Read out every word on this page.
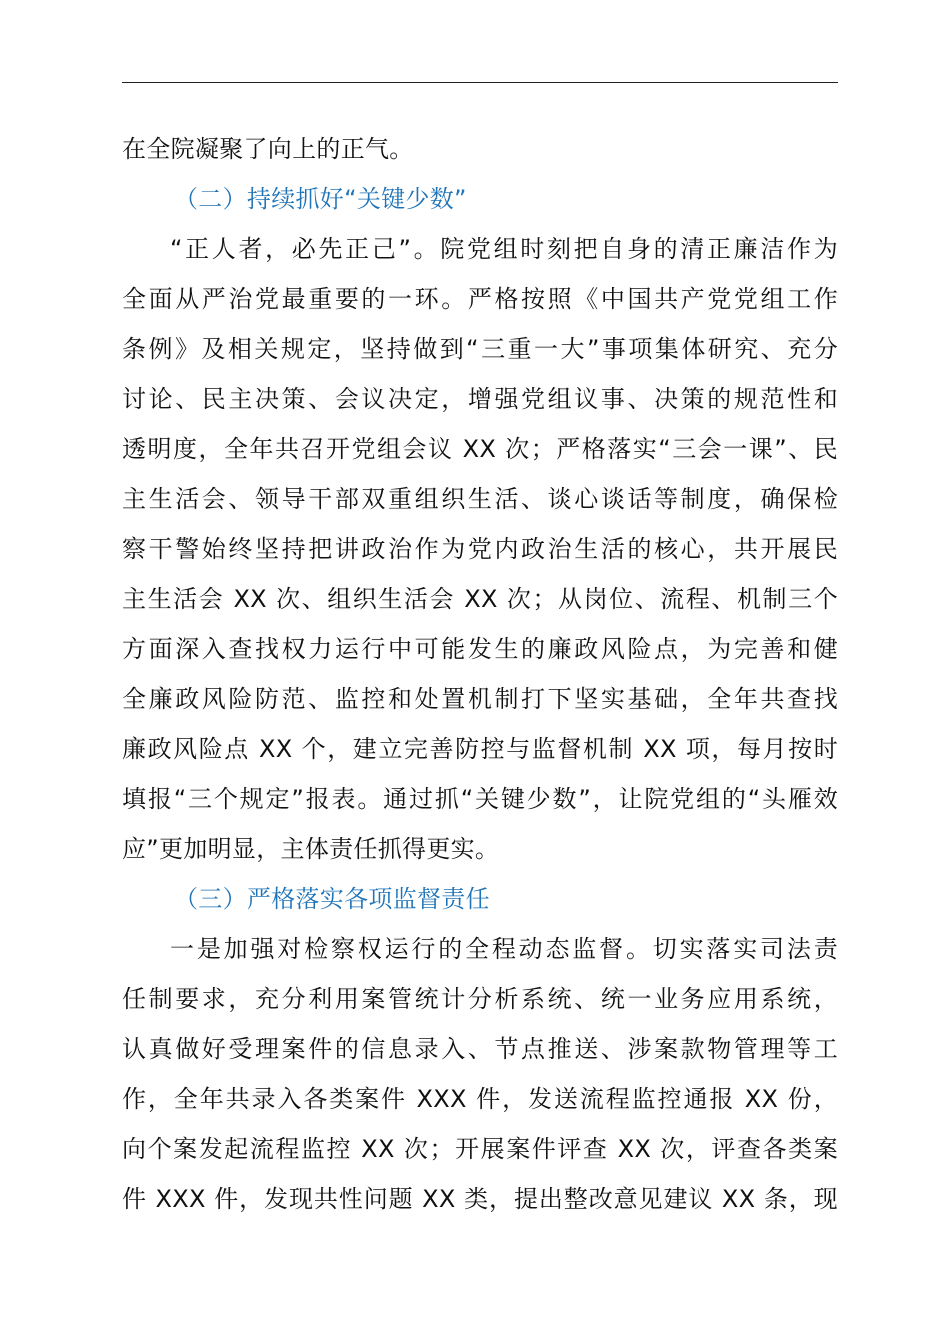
在全院凝聚了向上的正气。
（二）持续抓好“关键少数”
“正人者，必先正己”。院党组时刻把自身的清正廉洁作为
全面从严治党最重要的一环。严格按照《中国共产党党组工作
条例》及相关规定，坚持做到“三重一大”事项集体研究、充分
讨论、民主决策、会议决定，增强党组议事、决策的规范性和
透明度，全年共召开党组会议 XX 次；严格落实“三会一课”、民
主生活会、领导干部双重组织生活、谈心谈话等制度，确保检
察干警始终坚持把讲政治作为党内政治生活的核心，共开展民
主生活会 XX 次、组织生活会 XX 次；从岗位、流程、机制三个
方面深入查找权力运行中可能发生的廉政风险点，为完善和健
全廉政风险防范、监控和处置机制打下坚实基础，全年共查找
廉政风险点 XX 个，建立完善防控与监督机制 XX 项，每月按时
填报“三个规定”报表。通过抓“关键少数”，让院党组的“头雁效
应”更加明显，主体责任抓得更实。
（三）严格落实各项监督责任
一是加强对检察权运行的全程动态监督。切实落实司法责
任制要求，充分利用案管统计分析系统、统一业务应用系统，
认真做好受理案件的信息录入、节点推送、涉案款物管理等工
作，全年共录入各类案件 XXX 件，发送流程监控通报 XX 份，
向个案发起流程监控 XX 次；开展案件评查 XX 次，评查各类案
件 XXX 件，发现共性问题 XX 类，提出整改意见建议 XX 条，现
